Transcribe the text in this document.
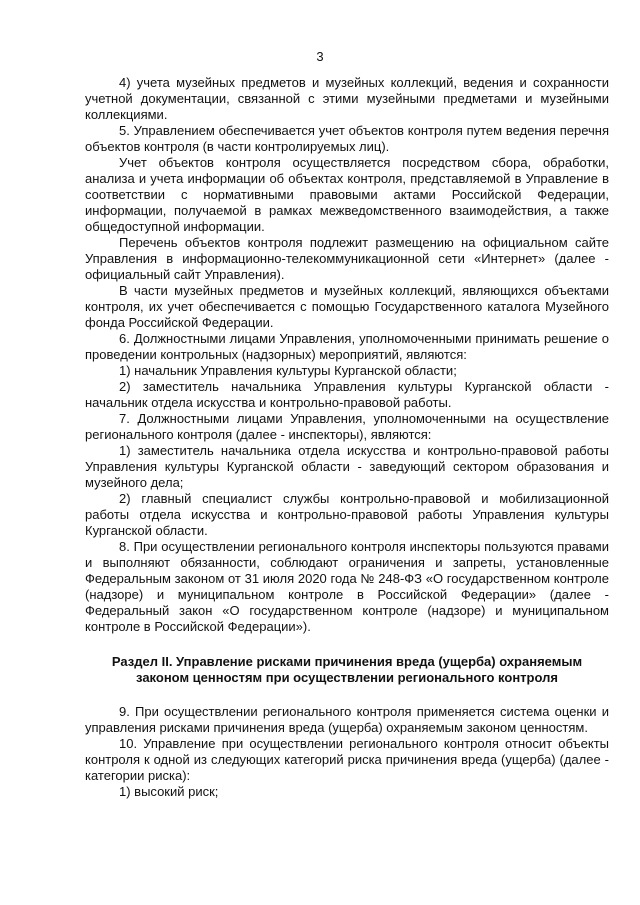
3

4) учета музейных предметов и музейных коллекций, ведения и сохранности учетной документации, связанной с этими музейными предметами и музейными коллекциями.

5. Управлением обеспечивается учет объектов контроля путем ведения перечня объектов контроля (в части контролируемых лиц).

Учет объектов контроля осуществляется посредством сбора, обработки, анализа и учета информации об объектах контроля, представляемой в Управление в соответствии с нормативными правовыми актами Российской Федерации, информации, получаемой в рамках межведомственного взаимодействия, а также общедоступной информации.

Перечень объектов контроля подлежит размещению на официальном сайте Управления в информационно-телекоммуникационной сети «Интернет» (далее - официальный сайт Управления).

В части музейных предметов и музейных коллекций, являющихся объектами контроля, их учет обеспечивается с помощью Государственного каталога Музейного фонда Российской Федерации.

6. Должностными лицами Управления, уполномоченными принимать решение о проведении контрольных (надзорных) мероприятий, являются:

1) начальник Управления культуры Курганской области;

2) заместитель начальника Управления культуры Курганской области - начальник отдела искусства и контрольно-правовой работы.

7. Должностными лицами Управления, уполномоченными на осуществление регионального контроля (далее - инспекторы), являются:

1) заместитель начальника отдела искусства и контрольно-правовой работы Управления культуры Курганской области - заведующий сектором образования и музейного дела;

2) главный специалист службы контрольно-правовой и мобилизационной работы отдела искусства и контрольно-правовой работы Управления культуры Курганской области.

8. При осуществлении регионального контроля инспекторы пользуются правами и выполняют обязанности, соблюдают ограничения и запреты, установленные Федеральным законом от 31 июля 2020 года № 248-ФЗ «О государственном контроле (надзоре) и муниципальном контроле в Российской Федерации» (далее - Федеральный закон «О государственном контроле (надзоре) и муниципальном контроле в Российской Федерации»).

Раздел II. Управление рисками причинения вреда (ущерба) охраняемым законом ценностям при осуществлении регионального контроля

9. При осуществлении регионального контроля применяется система оценки и управления рисками причинения вреда (ущерба) охраняемым законом ценностям.

10. Управление при осуществлении регионального контроля относит объекты контроля к одной из следующих категорий риска причинения вреда (ущерба) (далее - категории риска):

1) высокий риск;
